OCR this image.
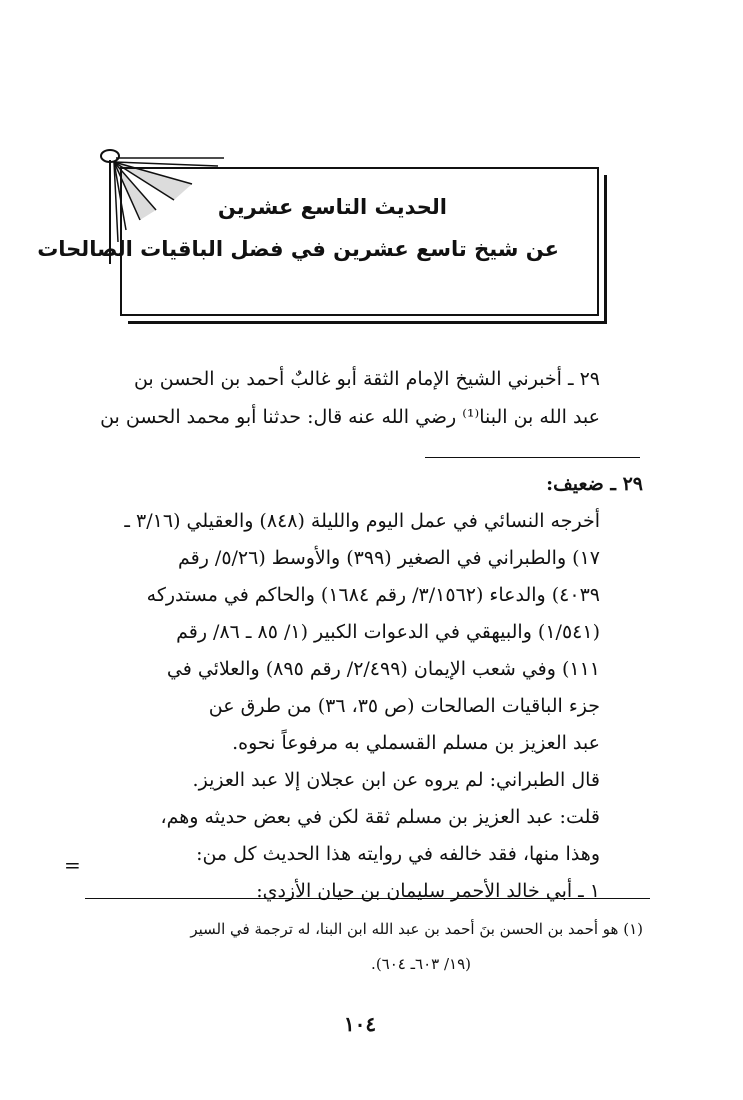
الحديث التاسع عشرين
عن شيخ تاسع عشرين في فضل الباقيات الصالحات
٢٩ ـ أخبرني الشيخ الإمام الثقة أبو غالبٌ أحمد بن الحسن بن
عبد الله بن البنا⁽¹⁾ رضي الله عنه قال: حدثنا أبو محمد الحسن بن
٢٩ ـ ضعيف:
أخرجه النسائي في عمل اليوم والليلة (٨٤٨) والعقيلي (٣/١٦ ـ
١٧) والطبراني في الصغير (٣٩٩) والأوسط (٥/٢٦/ رقم
٤٠٣٩) والدعاء (٣/١٥٦٢/ رقم ١٦٨٤) والحاكم في مستدركه
(١/٥٤١) والبيهقي في الدعوات الكبير (١/ ٨٥ ـ ٨٦/ رقم
١١١) وفي شعب الإيمان (٢/٤٩٩/ رقم ٨٩٥) والعلائي في
جزء الباقيات الصالحات (ص ٣٥، ٣٦) من طرق عن
عبد العزيز بن مسلم القسملي به مرفوعاً نحوه.
قال الطبراني: لم يروه عن ابن عجلان إلا عبد العزيز.
قلت: عبد العزيز بن مسلم ثقة لكن في بعض حديثه وهم،
وهذا منها، فقد خالفه في روايته هذا الحديث كل من:
١ ـ أبي خالد الأحمر سليمان بن حيان الأزدي:
=
(١) هو أحمد بن الحسن بنَ أحمد بن عبد الله ابن البنا، له ترجمة في السير
(١٩/ ٦٠٣ـ ٦٠٤).
١٠٤
